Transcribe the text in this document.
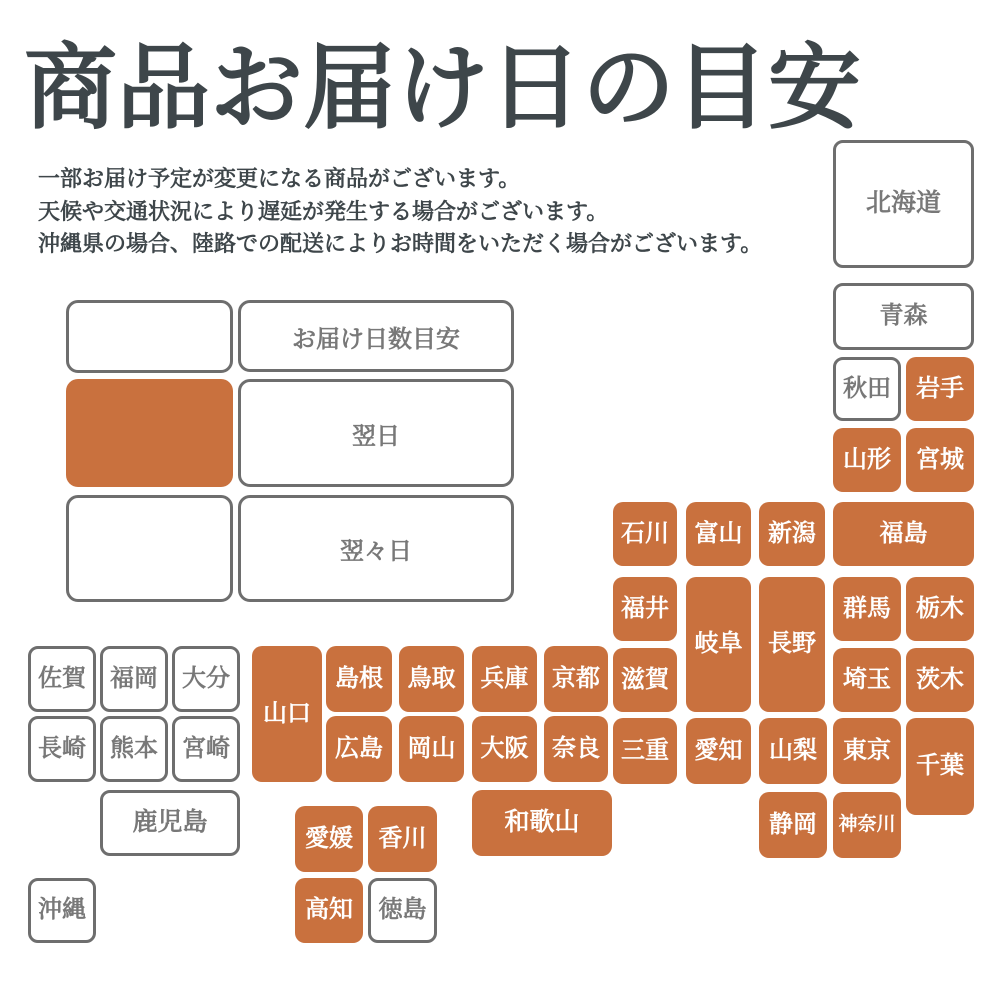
商品お届け日の目安

一部お届け予定が変更になる商品がございます。

天候や交通状況により遅延が発生する場合がございます。

沖縄県の場合、陸路での配送によりお時間をいただく場合がございます。

お届け日数目安
翌日
翌々日
北海道
青森
秋田 岩手
山形 宮城
石川 富山 新潟	福島
福井
岐阜 長野
群馬 栃木
滋賀	埼玉 茨木
三重 愛知 山梨 東京
千葉
静岡 神奈川
佐賀 福岡 大分
長崎 熊本 宮崎
鹿児島
沖縄
山口
島根 鳥取 兵庫 京都
広島 岡山 大阪 奈良
和歌山
愛媛 香川
高知 徳島
